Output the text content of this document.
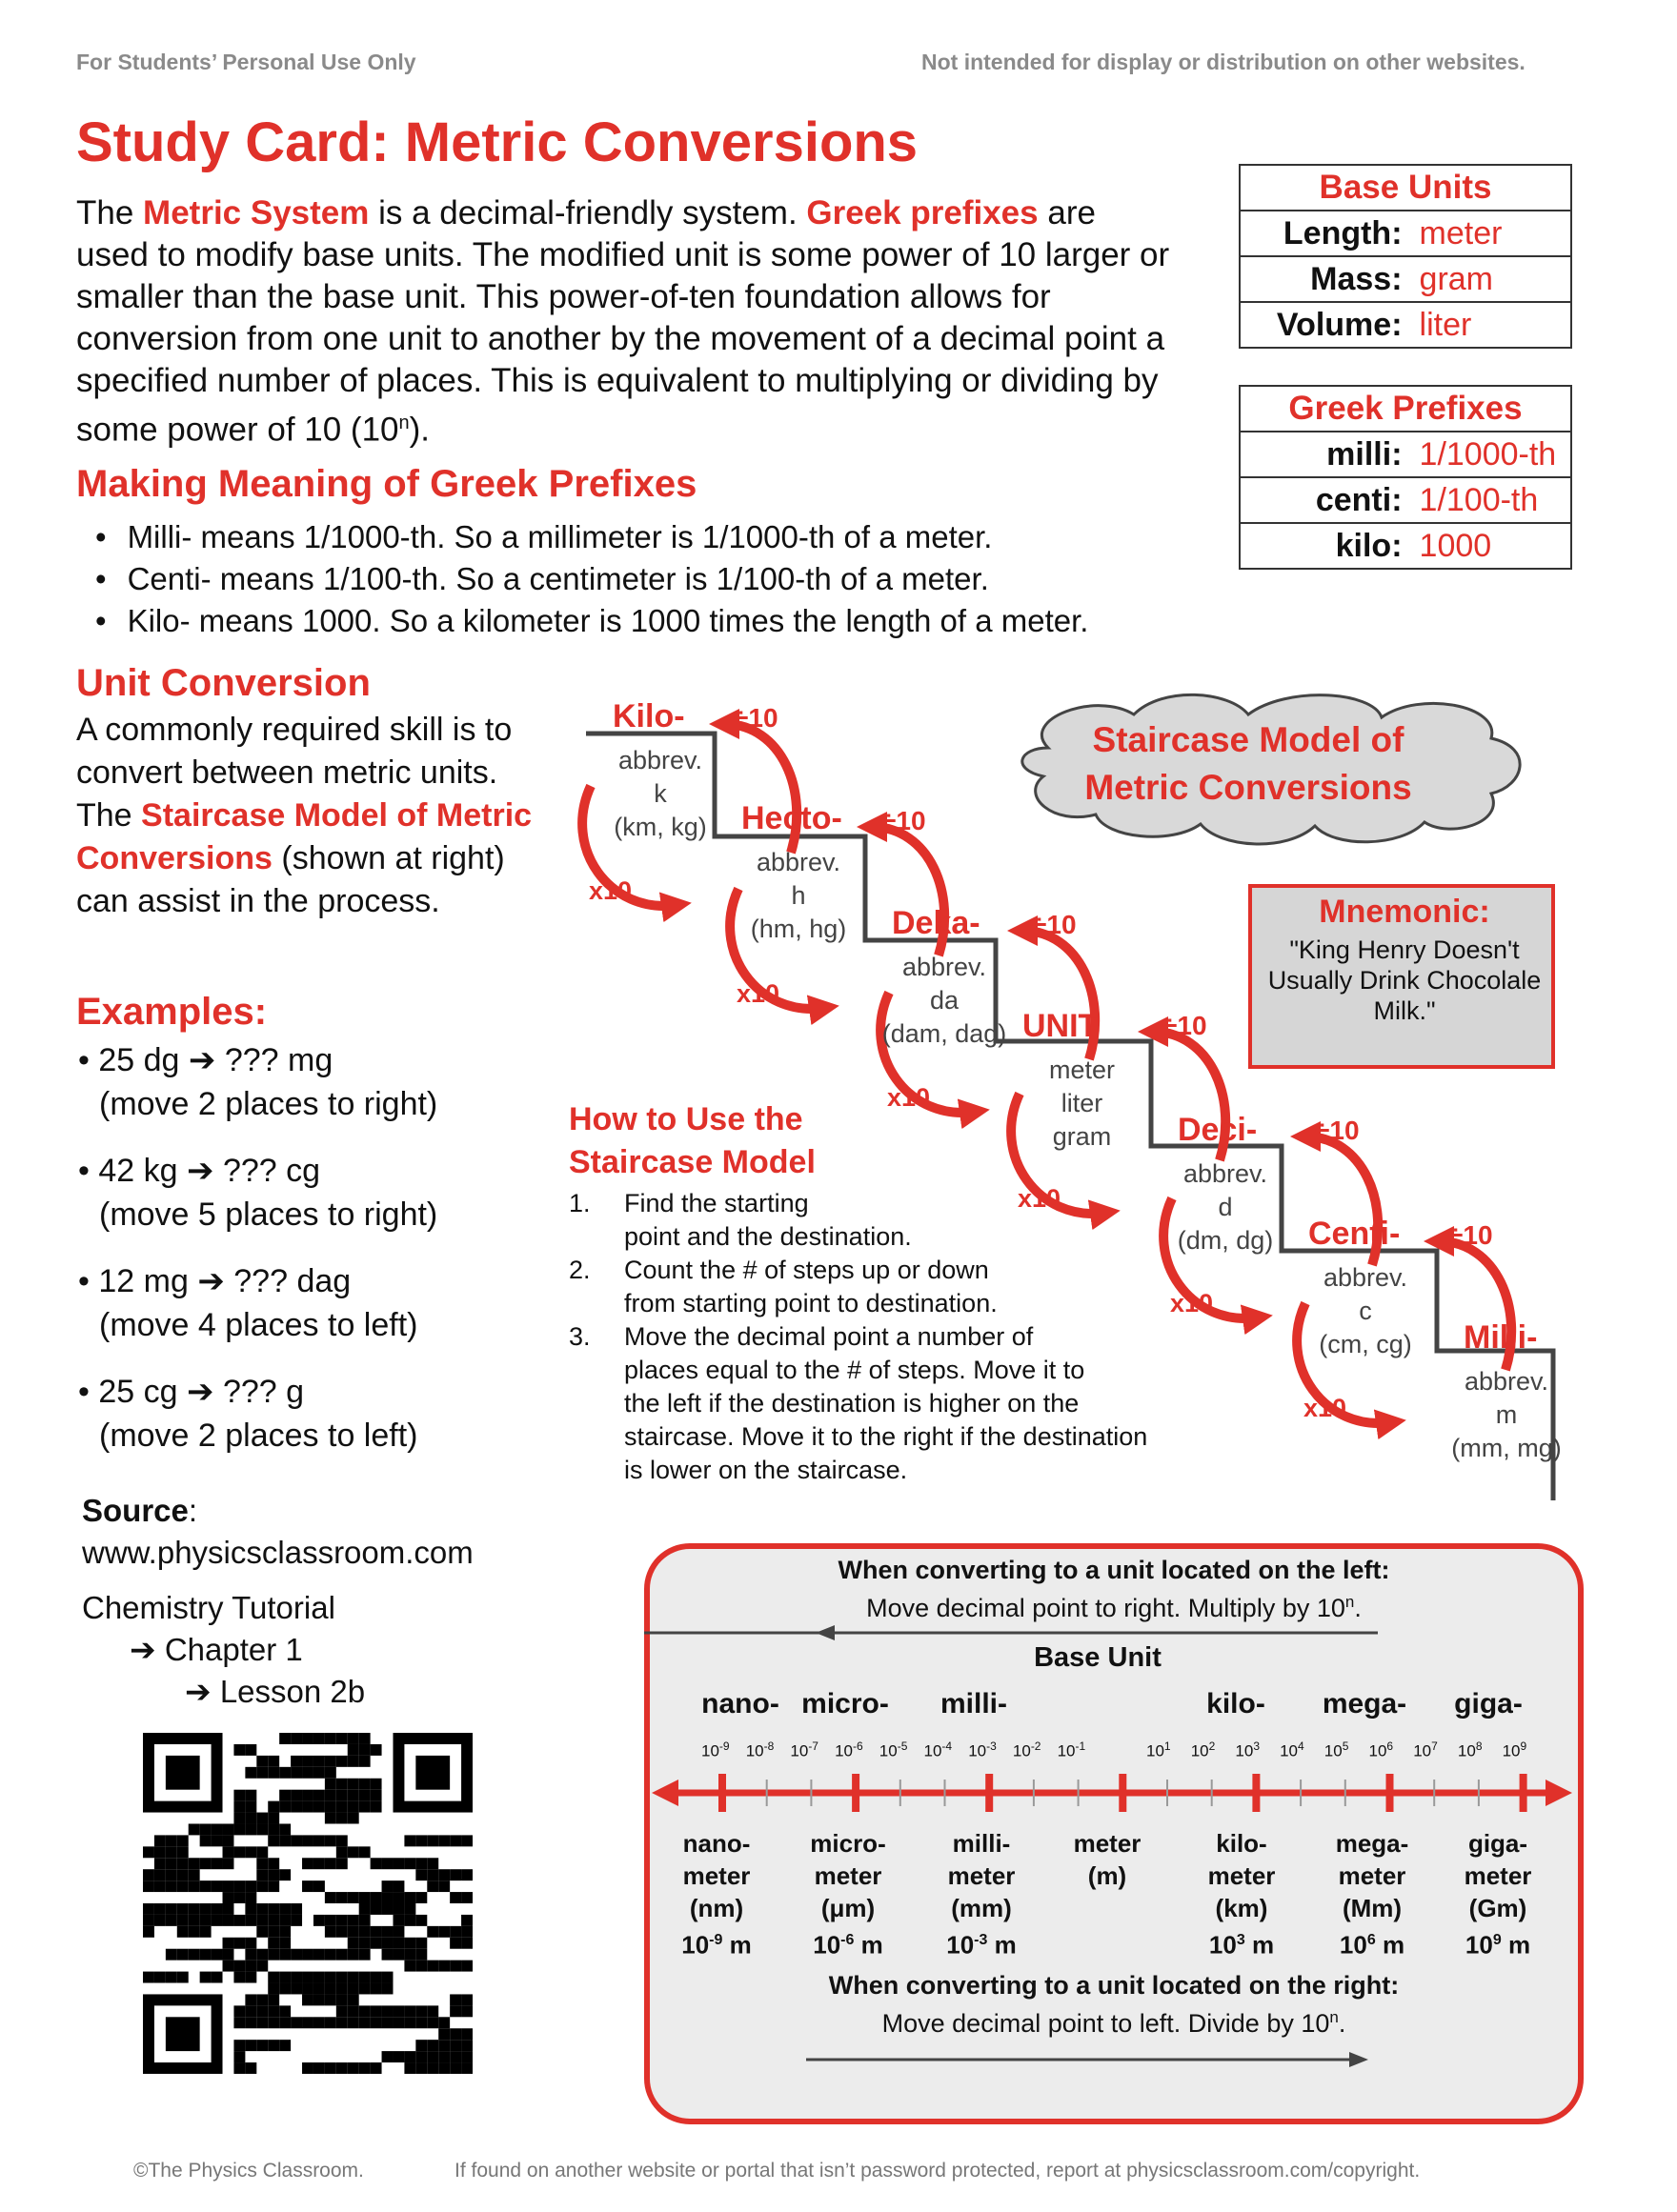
For Students’ Personal Use Only	Not intended for display or distribution on other websites.
Study Card: Metric Conversions
The Metric System is a decimal-friendly system. Greek prefixes are used to modify base units. The modified unit is some power of 10 larger or smaller than the base unit. This power-of-ten foundation allows for conversion from one unit to another by the movement of a decimal point a specified number of places. This is equivalent to multiplying or dividing by some power of 10 (10$^n$).
Base Units
Length: meter
Mass: gram
Volume: liter
Greek Prefixes
milli: 1/1000-th
centi: 1/100-th
kilo: 1000
Making Meaning of Greek Prefixes
• Milli- means 1/1000-th. So a millimeter is 1/1000-th of a meter.
• Centi- means 1/100-th. So a centimeter is 1/100-th of a meter.
• Kilo- means 1000. So a kilometer is 1000 times the length of a meter.
Unit Conversion
A commonly required skill is to convert between metric units. The Staircase Model of Metric Conversions (shown at right) can assist in the process.
Examples:
• 25 dg ➔ ??? mg
(move 2 places to right)
• 42 kg ➔ ??? cg
(move 5 places to right)
• 12 mg ➔ ??? dag
(move 4 places to left)
• 25 cg ➔ ??? g
(move 2 places to left)
Source:
www.physicsclassroom.com
Chemistry Tutorial
➔ Chapter 1
➔ Lesson 2b
Staircase Model of Metric Conversions
Mnemonic:
"King Henry Doesn't Usually Drink Chocolale Milk."
Kilo-
abbrev.
k
(km, kg)	Hecto-
abbrev.
h
(hm, hg)	Deka-
abbrev.
da
(dam, dag) UNIT
meter
liter
gram	Deci-
abbrev.
d
(dm, dg)	Centi-
abbrev.
c
(cm, cg)	Milli-
abbrev.
m
(mm, mg)
÷10
x10
÷10
x10
÷10
x10
÷10
x10
÷10
x10
÷10
x10
How to Use the
Staircase Model
1. Find the starting
point and the destination.
2. Count the # of steps up or down
from starting point to destination.
3. Move the decimal point a number of
places equal to the # of steps. Move it to
the left if the destination is higher on the
staircase. Move it to the right if the destination
is lower on the staircase.
When converting to a unit located on the left:
Move decimal point to right. Multiply by 10$^n$.
When converting to a unit located on the right:
Move decimal point to left. Divide by 10$^n$.
$10^{-9}$ $10^{-8}$ $10^{-7}$ $10^{-6}$ $10^{-5}$ $10^{-4}$ $10^{-3}$ $10^{-2}$ $10^{-1}$	$10^1$ $10^2$ $10^3$ $10^4$ $10^5$ $10^6$ $10^7$ $10^8$ $10^9$
nano- micro-	milli-
Base Unit
kilo-	mega-	giga-
nano-
meter
(nm)
$10^{-9}$ m
micro-
meter
(μm)
$10^{-6}$ m
milli-
meter
(mm)
$10^{-3}$ m
meter
(m)
kilo-
meter
(km)
$10^3$ m
mega-
meter
(Mm)
$10^6$ m
giga-
meter
(Gm)
$10^9$ m
©The Physics Classroom.	If found on another website or portal that isn’t password protected, report at physicsclassroom.com/copyright.
